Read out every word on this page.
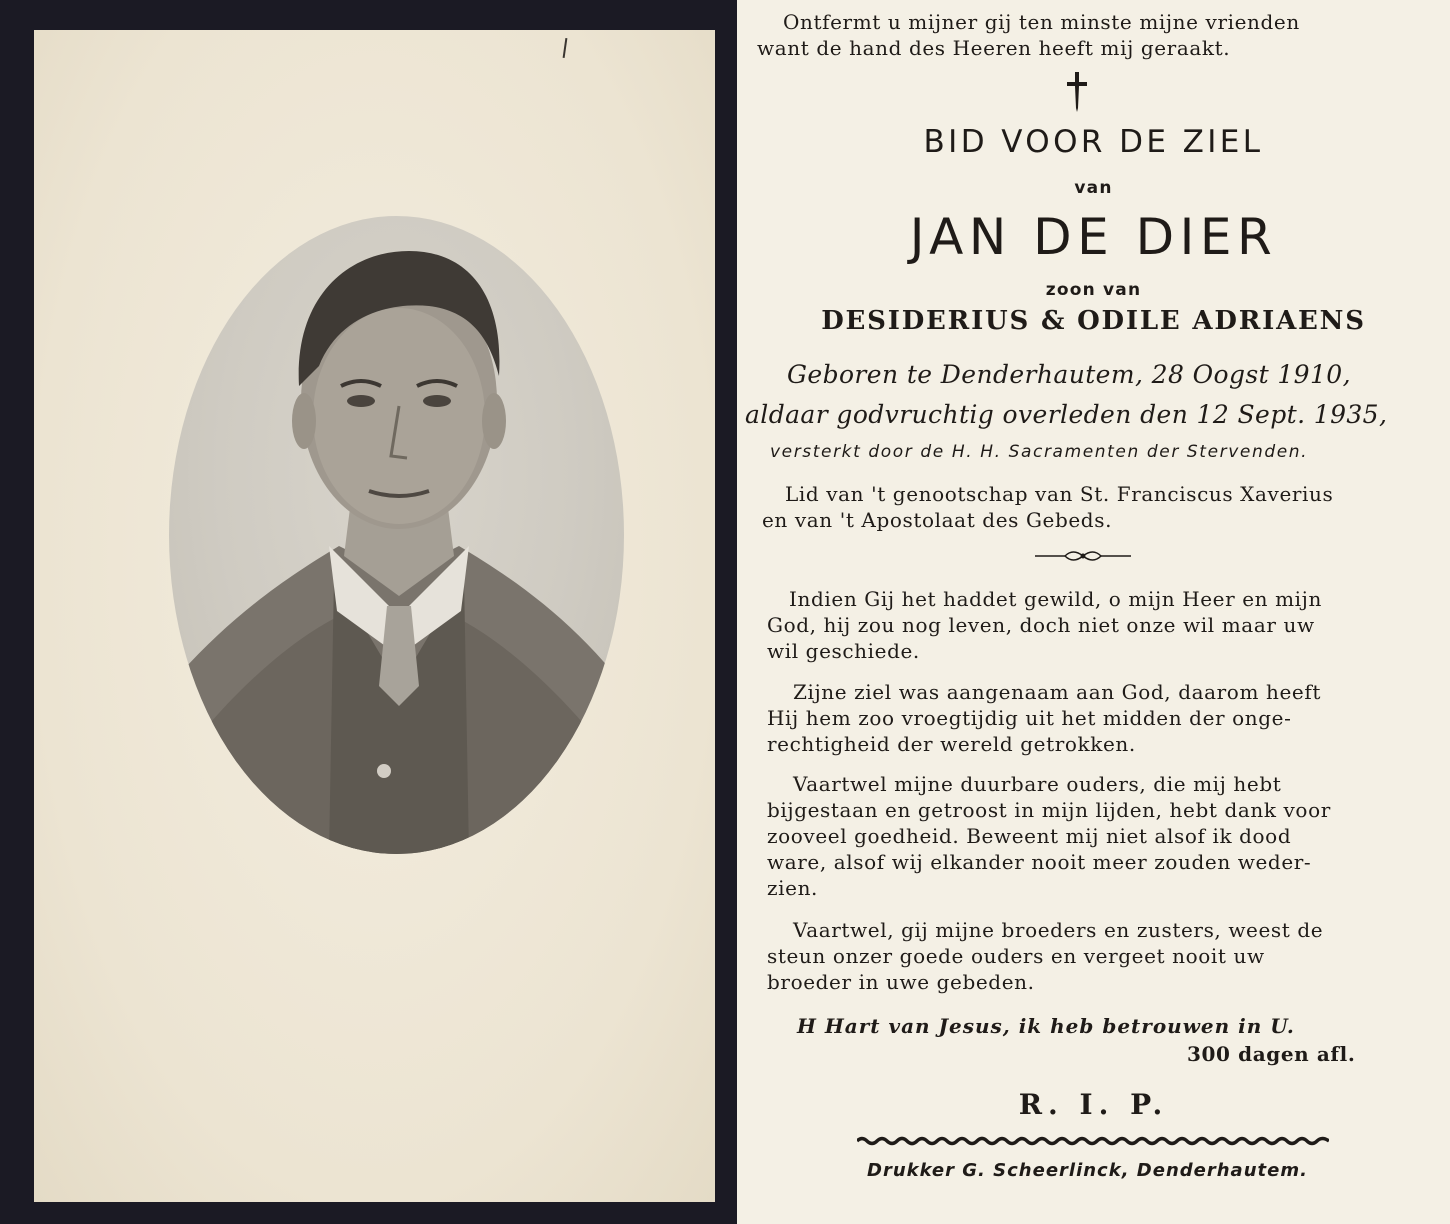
Ontfermt u mijner gij ten minste mijne vrienden
want de hand des Heeren heeft mij geraakt.
BID VOOR DE ZIEL
van
JAN DE DIER
zoon van
DESIDERIUS & ODILE ADRIAENS
Geboren te Denderhautem, 28 Oogst 1910,
aldaar godvruchtig overleden den 12 Sept. 1935,
versterkt door de H. H. Sacramenten der Stervenden.
Lid van 't genootschap van St. Franciscus Xaverius
en van 't Apostolaat des Gebeds.
Indien Gij het haddet gewild, o mijn Heer en mijn
God, hij zou nog leven, doch niet onze wil maar uw
wil geschiede.
Zijne ziel was aangenaam aan God, daarom heeft
Hij hem zoo vroegtijdig uit het midden der onge-
rechtigheid der wereld getrokken.
Vaartwel mijne duurbare ouders, die mij hebt
bijgestaan en getroost in mijn lijden, hebt dank voor
zooveel goedheid. Beweent mij niet alsof ik dood
ware, alsof wij elkander nooit meer zouden weder-
zien.
Vaartwel, gij mijne broeders en zusters, weest de
steun onzer goede ouders en vergeet nooit uw
broeder in uwe gebeden.
H Hart van Jesus, ik heb betrouwen in U.
300 dagen afl.
R. I. P.
Drukker G. Scheerlinck, Denderhautem.
